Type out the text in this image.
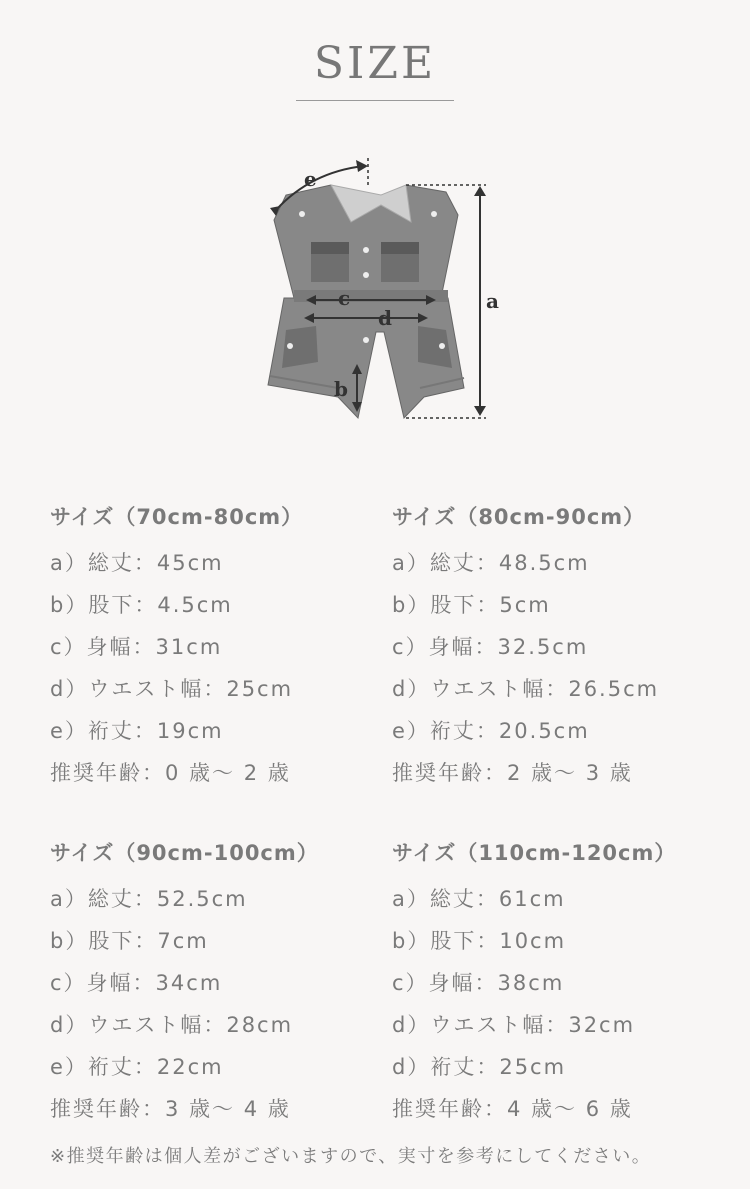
SIZE
a
b
c
d
e
サイズ（70cm-80cm）
a）総丈：45cm
b）股下：4.5cm
c）身幅：31cm
d）ウエスト幅：25cm
e）裄丈：19cm
推奨年齢：0 歳〜 2 歳
サイズ（80cm-90cm）
a）総丈：48.5cm
b）股下：5cm
c）身幅：32.5cm
d）ウエスト幅：26.5cm
e）裄丈：20.5cm
推奨年齢：2 歳〜 3 歳
サイズ（90cm-100cm）
a）総丈：52.5cm
b）股下：7cm
c）身幅：34cm
d）ウエスト幅：28cm
e）裄丈：22cm
推奨年齢：3 歳〜 4 歳
サイズ（110cm-120cm）
a）総丈：61cm
b）股下：10cm
c）身幅：38cm
d）ウエスト幅：32cm
d）裄丈：25cm
推奨年齢：4 歳〜 6 歳
※推奨年齢は個人差がございますので、実寸を参考にしてください。
